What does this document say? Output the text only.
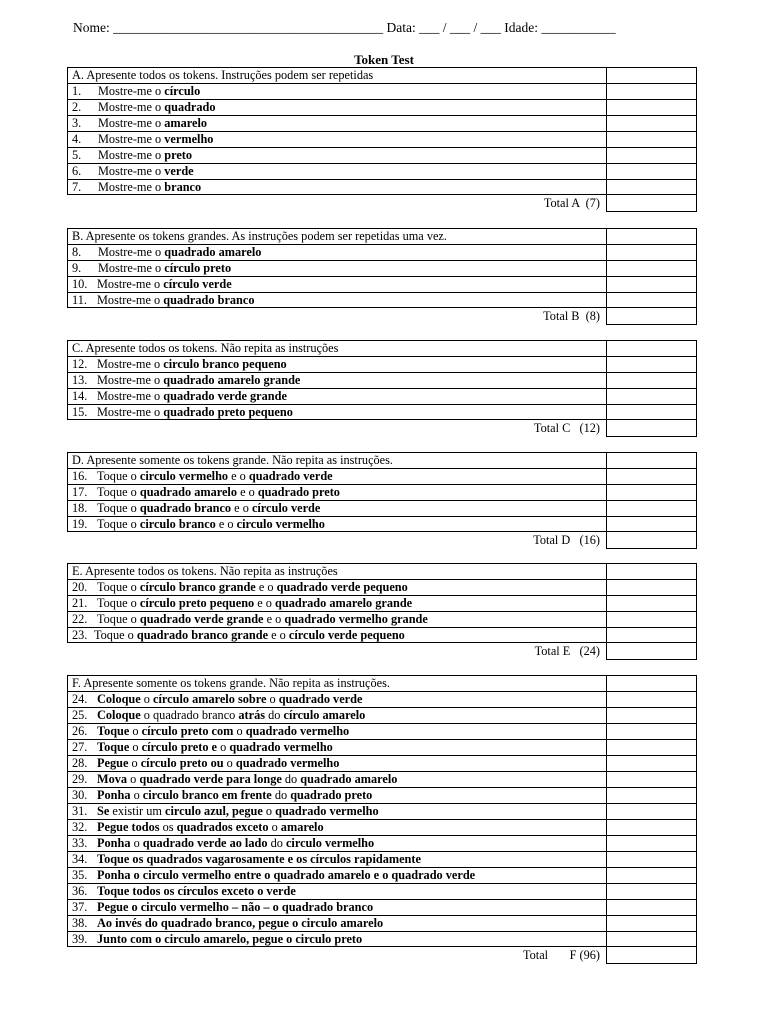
Nome: ________________________________________ Data: ___ / ___ / ___ Idade: ___________
Token Test
A. Apresente todos os tokens. Instruções podem ser repetidas
1. Mostre-me o círculo
2. Mostre-me o quadrado
3. Mostre-me o amarelo
4. Mostre-me o vermelho
5. Mostre-me o preto
6. Mostre-me o verde
7. Mostre-me o branco
Total A  (7)
B. Apresente os tokens grandes. As instruções podem ser repetidas uma vez.
8. Mostre-me o quadrado amarelo
9. Mostre-me o círculo preto
10. Mostre-me o círculo verde
11. Mostre-me o quadrado branco
Total B  (8)
C. Apresente todos os tokens. Não repita as instruções
12. Mostre-me o circulo branco pequeno
13. Mostre-me o quadrado amarelo grande
14. Mostre-me o quadrado verde grande
15. Mostre-me o quadrado preto pequeno
Total C   (12)
D. Apresente somente os tokens grande. Não repita as instruções.
16. Toque o circulo vermelho e o quadrado verde
17. Toque o quadrado amarelo e o quadrado preto
18. Toque o quadrado branco e o círculo verde
19. Toque o circulo branco e o circulo vermelho
Total D   (16)
E. Apresente todos os tokens. Não repita as instruções
20. Toque o círculo branco grande e o quadrado verde pequeno
21. Toque o círculo preto pequeno e o quadrado amarelo grande
22. Toque o quadrado verde grande e o quadrado vermelho grande
23. Toque o quadrado branco grande e o círculo verde pequeno
Total E   (24)
F. Apresente somente os tokens grande. Não repita as instruções.
24. Coloque o círculo amarelo sobre o quadrado verde
25. Coloque o quadrado branco atrás do círculo amarelo
26. Toque o círculo preto com o quadrado vermelho
27. Toque o círculo preto e o quadrado vermelho
28. Pegue o círculo preto ou o quadrado vermelho
29. Mova o quadrado verde para longe do quadrado amarelo
30. Ponha o circulo branco em frente do quadrado preto
31. Se existir um circulo azul, pegue o quadrado vermelho
32. Pegue todos os quadrados exceto o amarelo
33. Ponha o quadrado verde ao lado do circulo vermelho
34. Toque os quadrados vagarosamente e os círculos rapidamente
35. Ponha o circulo vermelho entre o quadrado amarelo e o quadrado verde
36. Toque todos os círculos exceto o verde
37. Pegue o circulo vermelho – não – o quadrado branco
38. Ao invés do quadrado branco, pegue o circulo amarelo
39. Junto com o circulo amarelo, pegue o circulo preto
Total       F (96)
